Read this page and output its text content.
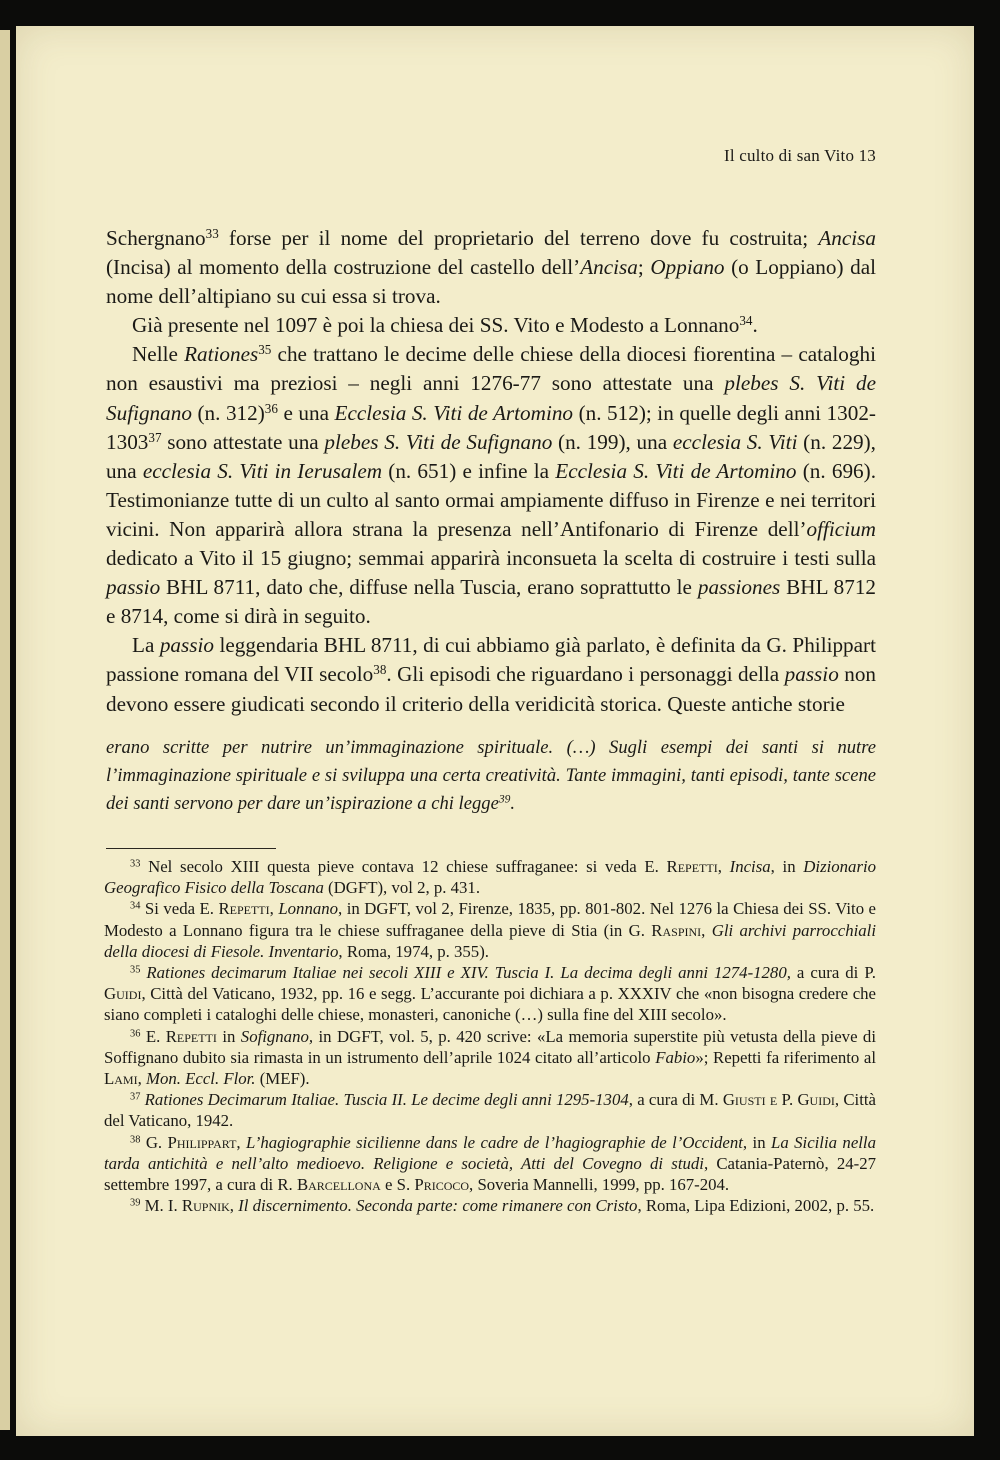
Il culto di san Vito 13

Schergnano$^{33}$ forse per il nome del proprietario del terreno dove fu costruita; Ancisa (Incisa) al momento della costruzione del castello dell’Ancisa; Oppiano (o Loppiano) dal nome dell’altipiano su cui essa si trova.

Già presente nel 1097 è poi la chiesa dei SS. Vito e Modesto a Lonnano$^{34}$.

Nelle Rationes$^{35}$ che trattano le decime delle chiese della diocesi fiorentina – cataloghi non esaustivi ma preziosi – negli anni 1276-77 sono attestate una plebes S. Viti de Sufignano (n. 312)$^{36}$ e una Ecclesia S. Viti de Artomino (n. 512); in quelle degli anni 1302-1303$^{37}$ sono attestate una plebes S. Viti de Sufignano (n. 199), una ecclesia S. Viti (n. 229), una ecclesia S. Viti in Ierusalem (n. 651) e infine la Ecclesia S. Viti de Artomino (n. 696). Testimonianze tutte di un culto al santo ormai ampiamente diffuso in Firenze e nei territori vicini. Non apparirà allora strana la presenza nell’Antifonario di Firenze dell’officium dedicato a Vito il 15 giugno; semmai apparirà inconsueta la scelta di costruire i testi sulla passio BHL 8711, dato che, diffuse nella Tuscia, erano soprattutto le passiones BHL 8712 e 8714, come si dirà in seguito.

La passio leggendaria BHL 8711, di cui abbiamo già parlato, è definita da G. Philippart passione romana del VII secolo$^{38}$. Gli episodi che riguardano i personaggi della passio non devono essere giudicati secondo il criterio della veridicità storica. Queste antiche storie

erano scritte per nutrire un’immaginazione spirituale. (…) Sugli esempi dei santi si nutre l’immaginazione spirituale e si sviluppa una certa creatività. Tante immagini, tanti episodi, tante scene dei santi servono per dare un’ispirazione a chi legge$^{39}$.

$^{33}$ Nel secolo XIII questa pieve contava 12 chiese suffraganee: si veda E. Repetti, Incisa, in Dizionario Geografico Fisico della Toscana (DGFT), vol 2, p. 431.

$^{34}$ Si veda E. Repetti, Lonnano, in DGFT, vol 2, Firenze, 1835, pp. 801-802. Nel 1276 la Chiesa dei SS. Vito e Modesto a Lonnano figura tra le chiese suffraganee della pieve di Stia (in G. Raspini, Gli archivi parrocchiali della diocesi di Fiesole. Inventario, Roma, 1974, p. 355).

$^{35}$ Rationes decimarum Italiae nei secoli XIII e XIV. Tuscia I. La decima degli anni 1274-1280, a cura di P. Guidi, Città del Vaticano, 1932, pp. 16 e segg. L’accurante poi dichiara a p. XXXIV che «non bisogna credere che siano completi i cataloghi delle chiese, monasteri, canoniche (…) sulla fine del XIII secolo».

$^{36}$ E. Repetti in Sofignano, in DGFT, vol. 5, p. 420 scrive: «La memoria superstite più vetusta della pieve di Soffignano dubito sia rimasta in un istrumento dell’aprile 1024 citato all’articolo Fabio»; Repetti fa riferimento al Lami, Mon. Eccl. Flor. (MEF).

$^{37}$ Rationes Decimarum Italiae. Tuscia II. Le decime degli anni 1295-1304, a cura di M. Giusti e P. Guidi, Città del Vaticano, 1942.

$^{38}$ G. Philippart, L’hagiographie sicilienne dans le cadre de l’hagiographie de l’Occident, in La Sicilia nella tarda antichità e nell’alto medioevo. Religione e società, Atti del Covegno di studi, Catania-Paternò, 24-27 settembre 1997, a cura di R. Barcellona e S. Pricoco, Soveria Mannelli, 1999, pp. 167-204.

$^{39}$ M. I. Rupnik, Il discernimento. Seconda parte: come rimanere con Cristo, Roma, Lipa Edizioni, 2002, p. 55.
